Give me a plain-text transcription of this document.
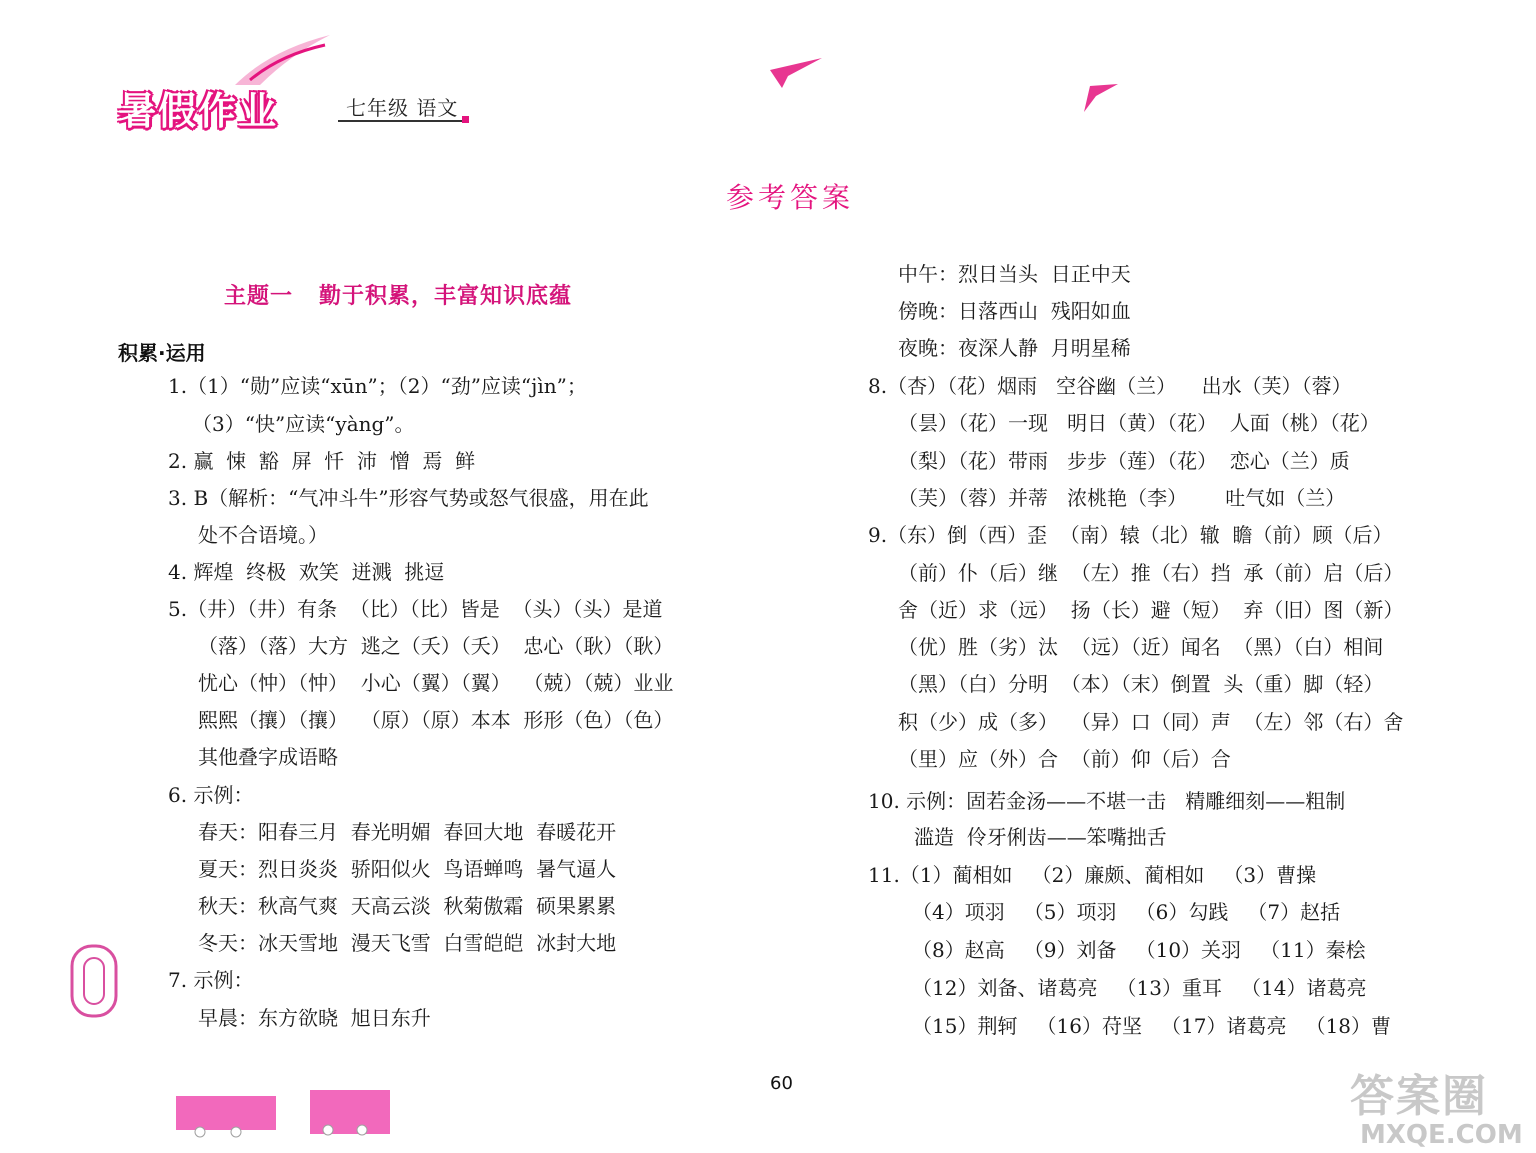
暑假作业	七年级 语文
参考答案
主题一   勤于积累，丰富知识底蕴
积累·运用
1.（1）“勋”应读“xūn”；（2）“劲”应读“jìn”；
（3）“快”应读“yàng”。
2. 赢  悚  豁  屏  忏  沛  憎  焉  鲜
3. B（解析：“气冲斗牛”形容气势或怒气很盛，用在此
处不合语境。）
4. 辉煌  终极  欢笑  迸溅  挑逗
5.（井）（井）有条  （比）（比）皆是  （头）（头）是道
（落）（落）大方  逃之（夭）（夭）  忠心（耿）（耿）
忧心（忡）（忡）  小心（翼）（翼）  （兢）（兢）业业
熙熙（攘）（攘）  （原）（原）本本  形形（色）（色）
其他叠字成语略
6. 示例：
春天：阳春三月  春光明媚  春回大地  春暖花开
夏天：烈日炎炎  骄阳似火  鸟语蝉鸣  暑气逼人
秋天：秋高气爽  天高云淡  秋菊傲霜  硕果累累
冬天：冰天雪地  漫天飞雪  白雪皑皑  冰封大地
7. 示例：
早晨：东方欲晓  旭日东升
中午：烈日当头  日正中天
傍晚：日落西山  残阳如血
夜晚：夜深人静  月明星稀
8.（杏）（花）烟雨   空谷幽（兰）    出水（芙）（蓉）
（昙）（花）一现   明日（黄）（花）  人面（桃）（花）
（梨）（花）带雨   步步（莲）（花）  恋心（兰）质
（芙）（蓉）并蒂   浓桃艳（李）      吐气如（兰）
9.（东）倒（西）歪  （南）辕（北）辙  瞻（前）顾（后）
（前）仆（后）继  （左）推（右）挡  承（前）启（后）
舍（近）求（远）  扬（长）避（短）  弃（旧）图（新）
（优）胜（劣）汰  （远）（近）闻名  （黑）（白）相间
（黑）（白）分明  （本）（末）倒置  头（重）脚（轻）
积（少）成（多）  （异）口（同）声  （左）邻（右）舍
（里）应（外）合  （前）仰（后）合
10. 示例：固若金汤——不堪一击   精雕细刻——粗制
滥造  伶牙俐齿——笨嘴拙舌
11.（1）蔺相如   （2）廉颇、蔺相如   （3）曹操
（4）项羽   （5）项羽   （6）勾践   （7）赵括
（8）赵高   （9）刘备   （10）关羽   （11）秦桧
（12）刘备、诸葛亮   （13）重耳   （14）诸葛亮
（15）荆轲   （16）苻坚   （17）诸葛亮   （18）曹
60	答案圈
MXQE.COM
